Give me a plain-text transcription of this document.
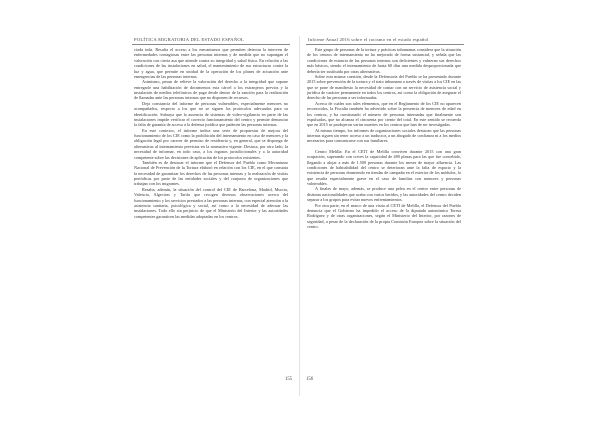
POLÍTICA MIGRATORIA DEL ESTADO ESPAÑOL

ciada toda. Resulta el acceso a los mecanismos que permiten detectar la interven de enfermedades contagiosas entre las personas internas y de medida que no supongan el valoración con cierta asa que atiende contra su integridad y salud física. En relación a las condiciones de las instalaciones en salud, el mantenimiento de sus estructuras contra la luz y agua, que permite en unidad de la operación de los planes de actuación ante emergencias de las personas internas.

Asimismo, pesan de relieve la valoración del derecho a la integridad que supone entregarle una habilitación de documentos esta cárcel a los extranjeros previos y la instalación de medios telefónicos de pago desde dentro de la sanción para la realización de llamadas ante las personas internas que no disponen de recursos.

Deja constancia del informe de personas vulnerables, especialmente menores no acompañados, respecto a los que no se siguen los protocolos adecuados para su identificación. Subraya que la ausencia de sistemas de video-vigilancia en parte de las instalaciones impide verificar el correcto funcionamiento del centro y permite denunciar la falta de garantía de acceso a la defensa jurídica que padecen las personas internas.

En este contexto, el informe indica una serie de propuestas de mejora del funcionamiento de los CIE como la prohibición del internamiento en caso de menores y la obligación legal por carecer de permiso de residencia y, en general, que se disponga de alternativas al internamiento previstas en la normativa vigente. Destaca, por otro lado, la necesidad de informar, en todo caso, a los órganos jurisdiccionales y a la autoridad competente sobre las decisiones de aplicación de los protocolos existentes.

También es de destacar el informe que el Defensor del Pueblo como Mecanismo Nacional de Prevención de la Tortura elaboró en relación con los CIE, en el que constata la necesidad de garantizar los derechos de las personas internas y la realización de visitas periódicas por parte de las entidades sociales y del conjunto de organizaciones que trabajan con los migrantes.

Resalta, además, la situación del control del CIE de Barcelona, Madrid, Murcia, Valencia, Algeciras y Tarifa que recogen diversas observaciones acerca del funcionamiento y los servicios prestados a las personas internas, con especial atención a la asistencia sanitaria, psicológica y social, así como a la necesidad de adecuar las instalaciones. Todo ello sin perjuicio de que el Ministerio del Interior y las autoridades competentes garanticen las medidas adoptadas en los centros.

155
Informe Anual 2016 sobre el racismo en el estado español

Este grupo de personas de la tortura y prácticas inhumanas considera que la situación de los centros de internamiento no ha mejorado de forma sustancial, y señala que las condiciones de estancia de las personas internas son deficientes y vulneran sus derechos más básicos, siendo el internamiento de hasta 60 días una medida desproporcionada que debería ser sustituida por otras alternativas.

Sobre esta misma cuestión, desde la Defensoría del Pueblo se ha presentado durante 2015 sobre prevención de la tortura y el trato inhumano a través de visitas a los CIE en las que se pone de manifiesto la necesidad de contar con un servicio de asistencia social y jurídica de carácter permanente en todos los centros, así como la obligación de asegurar el derecho de las personas a ser informadas.

Acerca de cuáles son tales elementos, que en el Reglamento de los CIE no aparecen reconocidos, la Fiscalía también ha advertido sobre la presencia de menores de edad en los centros, y ha cuestionado el número de personas internadas que finalmente son expulsadas, que no alcanza el cincuenta por ciento del total. En este sentido se recuerda que en 2015 se produjeron varias muertes en los centros que han de ser investigadas.

Al mismo tiempo, los informes de organizaciones sociales destacan que las personas internas siguen sin tener acceso a un traductor, a un abogado de confianza ni a los medios necesarios para comunicarse con sus familiares.

Centro Melilla: En el CETI de Melilla conviven durante 2015 con una gran ocupación, superando con creces la capacidad de 480 plazas para las que fue concebido, llegando a alojar a más de 1.500 personas durante los meses de mayor afluencia. Las condiciones de habitabilidad del centro se deterioran ante la falta de espacio y la existencia de personas durmiendo en tiendas de campaña en el exterior de los módulos, lo que resulta especialmente grave en el caso de familias con menores y personas vulnerables.

A finales de mayo, además, se produce una pelea en el centro entre personas de distintas nacionalidades que acaba con varios heridos, y las autoridades del centro deciden separar a los grupos para evitar nuevos enfrentamientos.

Por otra parte, en el marco de una visita al CETI de Melilla, el Defensor del Pueblo denuncia que el Gobierno ha impedido el acceso de la diputada autonómica Teresa Rodríguez y de otras organizaciones, según el Ministerio del Interior, por razones de seguridad, a pesar de la declaración de la propia Comisión Europea sobre la situación del centro.

156
